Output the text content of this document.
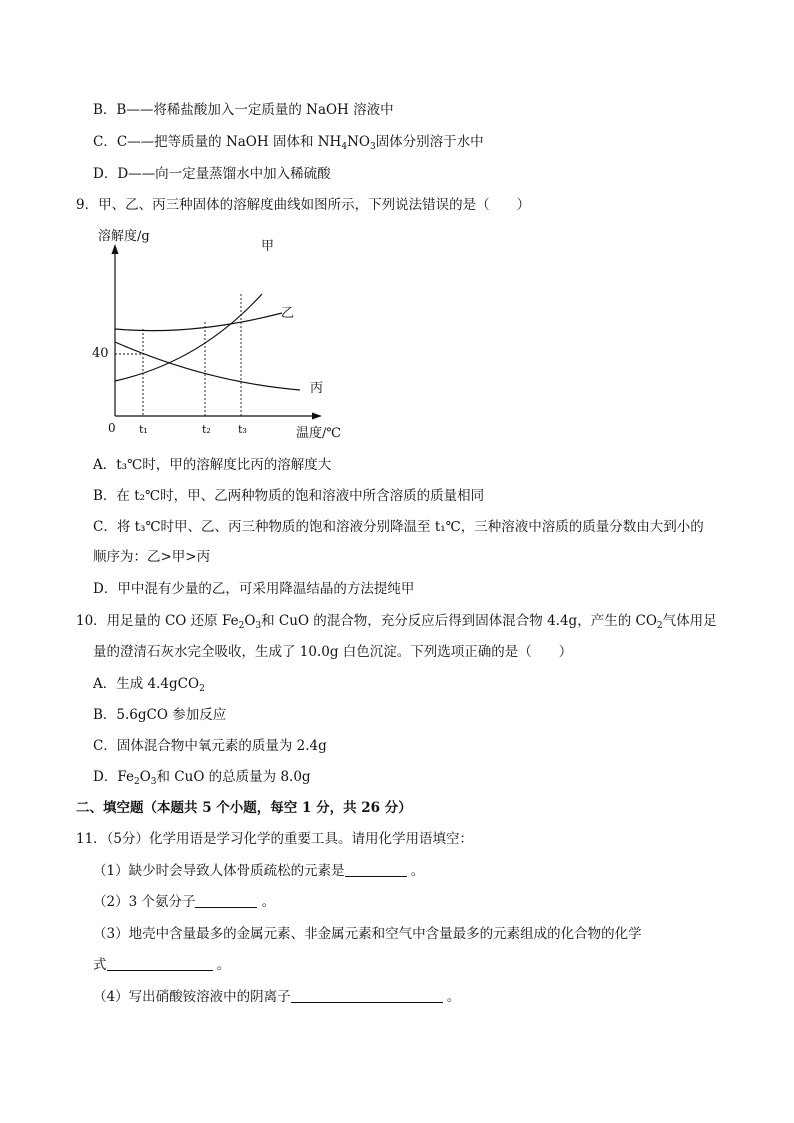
B．B——将稀盐酸加入一定质量的 NaOH 溶液中
C．C——把等质量的 NaOH 固体和 $NH_4NO_3$固体分别溶于水中
D．D——向一定量蒸馏水中加入稀硫酸
9．甲、乙、丙三种固体的溶解度曲线如图所示，下列说法错误的是（　　）
溶解度/g
40
0 t₁	t₂ t₃	温度/℃
甲
乙
丙
A．t₃℃时，甲的溶解度比丙的溶解度大
B．在 t₂℃时，甲、乙两种物质的饱和溶液中所含溶质的质量相同
C．将 t₃℃时甲、乙、丙三种物质的饱和溶液分别降温至 t₁℃，三种溶液中溶质的质量分数由大到小的
顺序为：乙>甲>丙
D．甲中混有少量的乙，可采用降温结晶的方法提纯甲
10．用足量的 CO 还原 $Fe_2O_3$和 CuO 的混合物，充分反应后得到固体混合物 4.4g，产生的 $CO_2$气体用足
量的澄清石灰水完全吸收，生成了 10.0g 白色沉淀。下列选项正确的是（　　）
A．生成 4.4gCO$_2$
B．5.6gCO 参加反应
C．固体混合物中氧元素的质量为 2.4g
D．$Fe_2O_3$和 CuO 的总质量为 8.0g
二、填空题（本题共 5 个小题，每空 1 分，共 26 分）
11．（5分）化学用语是学习化学的重要工具。请用化学用语填空：
（1）缺少时会导致人体骨质疏松的元素是	。
（2）3 个氨分子	。
（3）地壳中含量最多的金属元素、非金属元素和空气中含量最多的元素组成的化合物的化学
式	。
（4）写出硝酸铵溶液中的阴离子	。
